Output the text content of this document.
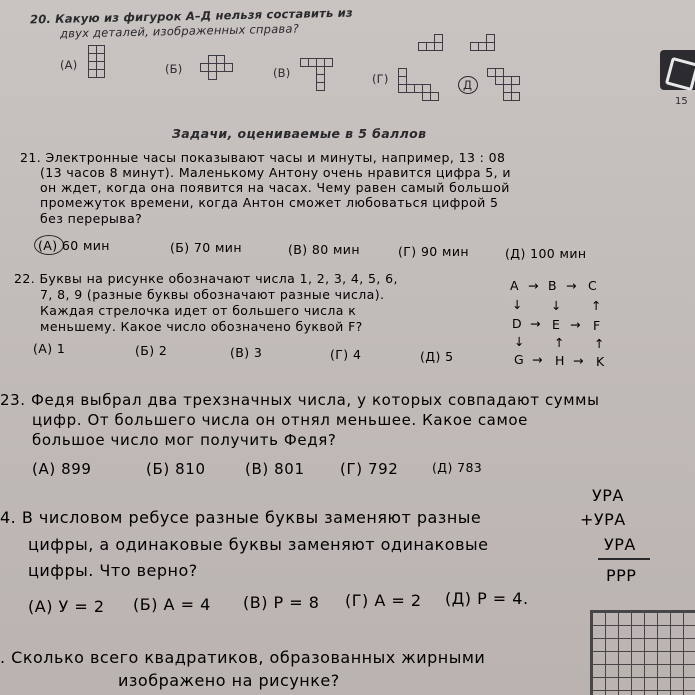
20. Какую из фигурок А–Д нельзя составить из
двух деталей, изображенных справа?
(А)	(Б)	(В)	(Г)	Д
15
Задачи, оцениваемые в 5 баллов
21. Электронные часы показывают часы и минуты, например, 13 : 08
(13 часов 8 минут). Маленькому Антону очень нравится цифра 5, и
он ждет, когда она появится на часах. Чему равен самый большой
промежуток времени, когда Антон сможет любоваться цифрой 5
без перерыва?
(А) 60 мин	(Б) 70 мин	(В) 80 мин	(Г) 90 мин	(Д) 100 мин
22. Буквы на рисунке обозначают числа 1, 2, 3, 4, 5, 6,
7, 8, 9 (разные буквы обозначают разные числа).
Каждая стрелочка идет от большего числа к
меньшему. Какое число обозначено буквой F?
(А) 1	(Б) 2	(В) 3	(Г) 4	(Д) 5
A → B → C
↓ ↓ ↑
D → E → F
↓ ↑ ↑
G → H → K
23. Федя выбрал два трехзначных числа, у которых совпадают суммы
цифр. От большего числа он отнял меньшее. Какое самое
большое число мог получить Федя?
(А) 899	(Б) 810	(В) 801 (Г) 792	(Д) 783
4. В числовом ребусе разные буквы заменяют разные
цифры, а одинаковые буквы заменяют одинаковые
цифры. Что верно?
(А) У = 2 (Б) А = 4 (В) Р = 8 (Г) А = 2 (Д) Р = 4.
УРА
+УРА
УРА
РРР
. Сколько всего квадратиков, образованных жирными
изображено на рисунке?
